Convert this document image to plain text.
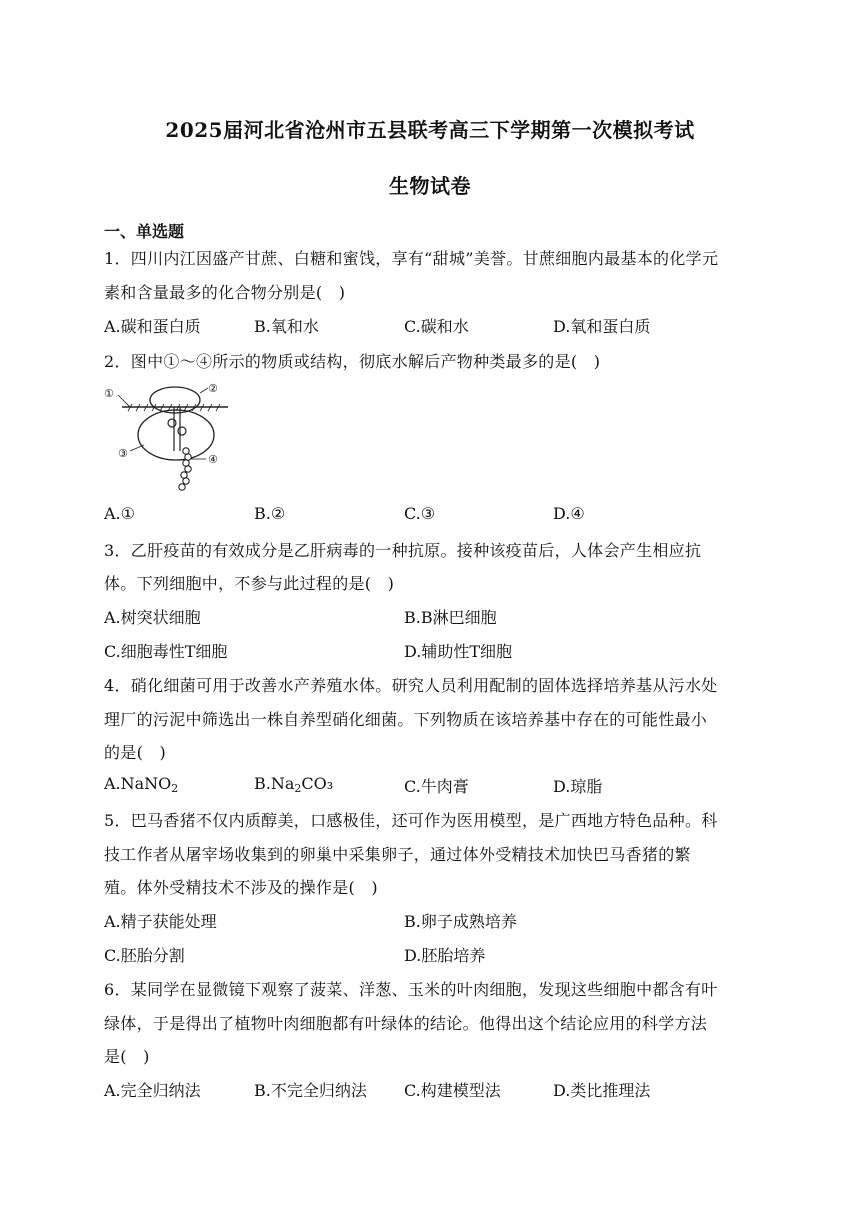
2025届河北省沧州市五县联考高三下学期第一次模拟考试
生物试卷
一、单选题
1．四川内江因盛产甘蔗、白糖和蜜饯，享有“甜城”美誉。甘蔗细胞内最基本的化学元
素和含量最多的化合物分别是(　)
A.碳和蛋白质	B.氧和水	C.碳和水	D.氧和蛋白质
2．图中①～④所示的物质或结构，彻底水解后产物种类最多的是(　)
①	②
③	④
A.①	B.②	C.③	D.④
3．乙肝疫苗的有效成分是乙肝病毒的一种抗原。接种该疫苗后，人体会产生相应抗
体。下列细胞中，不参与此过程的是(　)
A.树突状细胞	B.B淋巴细胞
C.细胞毒性T细胞	D.辅助性T细胞
4．硝化细菌可用于改善水产养殖水体。研究人员利用配制的固体选择培养基从污水处
理厂的污泥中筛选出一株自养型硝化细菌。下列物质在该培养基中存在的可能性最小
的是(　)
A.NaNO$_2$	$B.Na_2CO_3$	C.牛肉膏	D.琼脂
5．巴马香猪不仅内质醇美，口感极佳，还可作为医用模型，是广西地方特色品种。科
技工作者从屠宰场收集到的卵巢中采集卵子，通过体外受精技术加快巴马香猪的繁
殖。体外受精技术不涉及的操作是(　)
A.精子获能处理	B.卵子成熟培养
C.胚胎分割	D.胚胎培养
6．某同学在显微镜下观察了菠菜、洋葱、玉米的叶肉细胞，发现这些细胞中都含有叶
绿体，于是得出了植物叶肉细胞都有叶绿体的结论。他得出这个结论应用的科学方法
是(　)
A.完全归纳法	B.不完全归纳法 C.构建模型法	D.类比推理法
